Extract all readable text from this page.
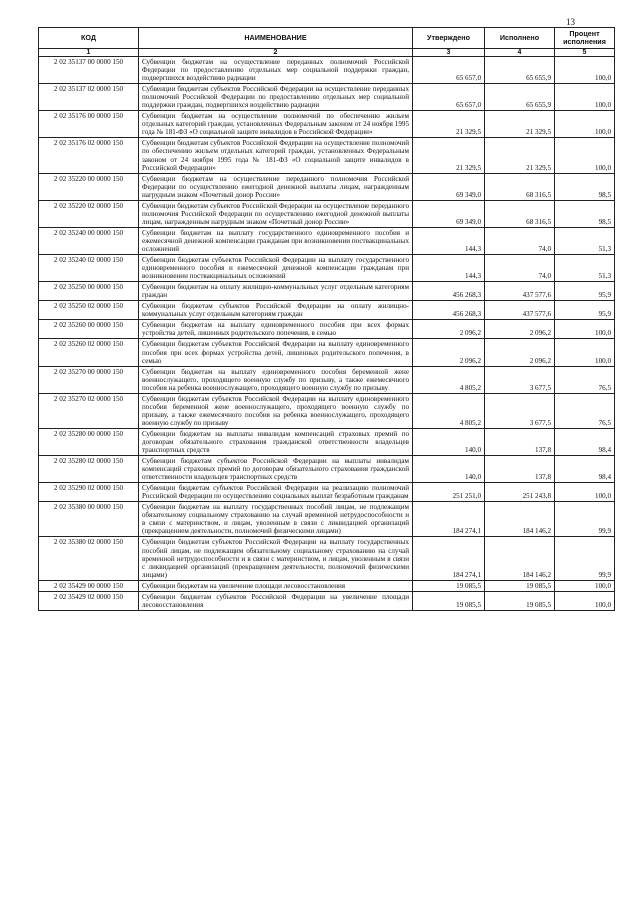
13
КОД	НАИМЕНОВАНИЕ	Утверждено	Исполнено	Процент исполнения
1	2	3	4	5
2 02 35137 00 0000 150	Субвенции бюджетам на осуществление переданных полномочий Российской Федерации по предоставлению отдельных мер социальной поддержки граждан, подвергшихся воздействию радиации	65 657,0	65 655,9	100,0
2 02 35137 02 0000 150	Субвенции бюджетам субъектов Российской Федерации на осуществление переданных полномочий Российской Федерации по предоставлению отдельных мер социальной поддержки граждан, подвергшихся воздействию радиации	65 657,0	65 655,9	100,0
2 02 35176 00 0000 150	Субвенции бюджетам на осуществление полномочий по обеспечению жильем отдельных категорий граждан, установленных Федеральным законом от 24 ноября 1995 года № 181-ФЗ «О социальной защите инвалидов в Российской Федерации»	21 329,5	21 329,5	100,0
2 02 35176 02 0000 150	Субвенции бюджетам субъектов Российской Федерации на осуществление полномочий по обеспечению жильем отдельных категорий граждан, установленных Федеральным законом от 24 ноября 1995 года № 181-ФЗ «О социальной защите инвалидов в Российской Федерации»	21 329,5	21 329,5	100,0
2 02 35220 00 0000 150	Субвенции бюджетам на осуществление переданного полномочия Российской Федерации по осуществлению ежегодной денежной выплаты лицам, награжденным нагрудным знаком «Почетный донор России»	69 349,0	68 316,5	98,5
2 02 35220 02 0000 150	Субвенции бюджетам субъектов Российской Федерации на осуществление переданного полномочия Российской Федерации по осуществлению ежегодной денежной выплаты лицам, награжденным нагрудным знаком «Почетный донор России»	69 349,0	68 316,5	98,5
2 02 35240 00 0000 150	Субвенции бюджетам на выплату государственного единовременного пособия и ежемесячной денежной компенсации гражданам при возникновении поствакцинальных осложнений	144,3	74,0	51,3
2 02 35240 02 0000 150	Субвенции бюджетам субъектов Российской Федерации на выплату государственного единовременного пособия и ежемесячной денежной компенсации гражданам при возникновении поствакцинальных осложнений	144,3	74,0	51,3
2 02 35250 00 0000 150	Субвенции бюджетам на оплату жилищно-коммунальных услуг отдельным категориям граждан	456 268,3	437 577,6	95,9
2 02 35250 02 0000 150	Субвенции бюджетам субъектов Российской Федерации на оплату жилищно-коммунальных услуг отдельным категориям граждан	456 268,3	437 577,6	95,9
2 02 35260 00 0000 150	Субвенции бюджетам на выплату единовременного пособия при всех формах устройства детей, лишенных родительского попечения, в семью	2 096,2	2 096,2	100,0
2 02 35260 02 0000 150	Субвенции бюджетам субъектов Российской Федерации на выплату единовременного пособия при всех формах устройства детей, лишенных родительского попечения, в семью	2 096,2	2 096,2	100,0
2 02 35270 00 0000 150	Субвенции бюджетам на выплату единовременного пособия беременной жене военнослужащего, проходящего военную службу по призыву, а также ежемесячного пособия на ребенка военнослужащего, проходящего военную службу по призыву	4 805,2	3 677,5	76,5
2 02 35270 02 0000 150	Субвенции бюджетам субъектов Российской Федерации на выплату единовременного пособия беременной жене военнослужащего, проходящего военную службу по призыву, а также ежемесячного пособия на ребенка военнослужащего, проходящего военную службу по призыву	4 805,2	3 677,5	76,5
2 02 35280 00 0000 150	Субвенции бюджетам на выплаты инвалидам компенсаций страховых премий по договорам обязательного страхования гражданской ответственности владельцев транспортных средств	140,0	137,8	98,4
2 02 35280 02 0000 150	Субвенции бюджетам субъектов Российской Федерации на выплаты инвалидам компенсаций страховых премий по договорам обязательного страхования гражданской ответственности владельцев транспортных средств	140,0	137,8	98,4
2 02 35290 02 0000 150	Субвенции бюджетам субъектов Российской Федерации на реализацию полномочий Российской Федерации по осуществлению социальных выплат безработным гражданам	251 251,0	251 243,8	100,0
2 02 35380 00 0000 150	Субвенции бюджетам на выплату государственных пособий лицам, не подлежащим обязательному социальному страхованию на случай временной нетрудоспособности и в связи с материнством, и лицам, уволенным в связи с ликвидацией организаций (прекращением деятельности, полномочий физическими лицами)	184 274,1	184 146,2	99,9
2 02 35380 02 0000 150	Субвенции бюджетам субъектов Российской Федерации на выплату государственных пособий лицам, не подлежащим обязательному социальному страхованию на случай временной нетрудоспособности и в связи с материнством, и лицам, уволенным в связи с ликвидацией организаций (прекращением деятельности, полномочий физическими лицами)	184 274,1	184 146,2	99,9
2 02 35429 00 0000 150	Субвенции бюджетам на увеличение площади лесовосстановления	19 085,5	19 085,5	100,0
2 02 35429 02 0000 150	Субвенции бюджетам субъектов Российской Федерации на увеличение площади лесовосстановления	19 085,5	19 085,5	100,0
